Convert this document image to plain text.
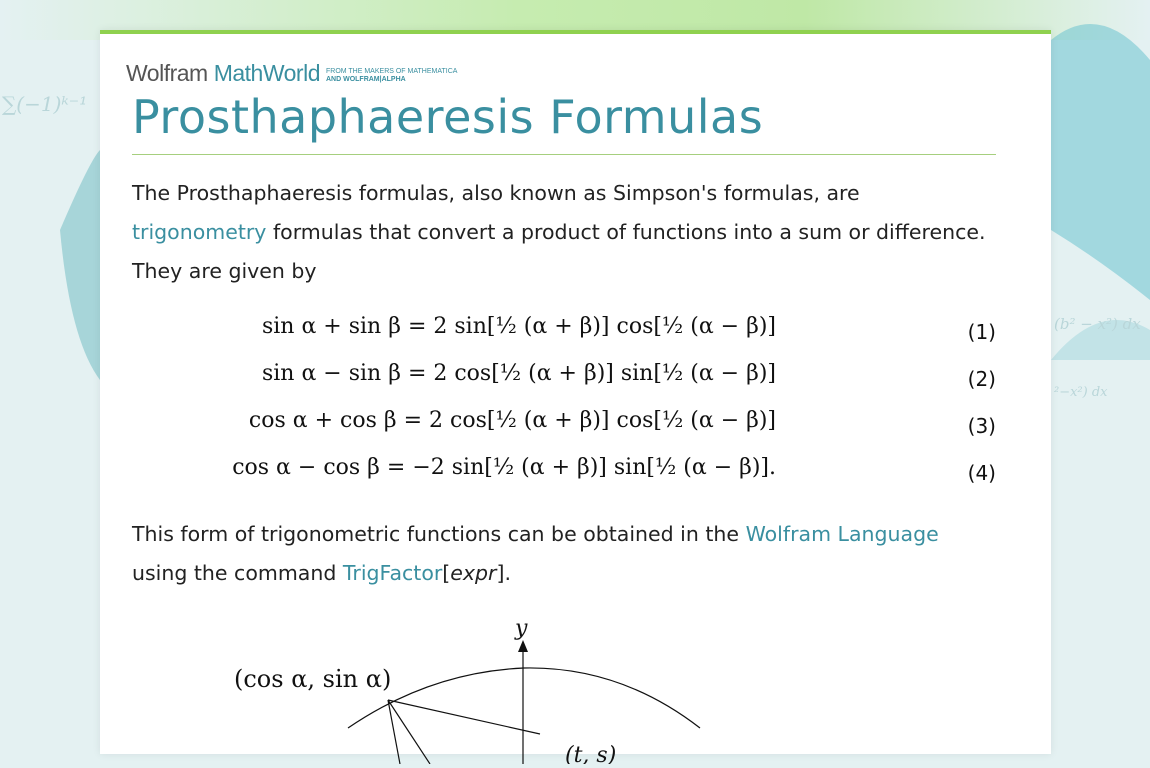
∑(−1)ᵏ⁻¹
(b² − x²) dx
²−x²) dx
Wolfram MathWorld FROM THE MAKERS OF MATHEMATICA
AND WOLFRAM|ALPHA
Prosthaphaeresis Formulas

The Prosthaphaeresis formulas, also known as Simpson's formulas, are trigonometry formulas that convert a product of functions into a sum or difference. They are given by

sin α + sin β = 2 sin[½ (α + β)] cos[½ (α − β)]	(1)
sin α − sin β = 2 cos[½ (α + β)] sin[½ (α − β)]	(2)
cos α + cos β = 2 cos[½ (α + β)] cos[½ (α − β)]	(3)
cos α − cos β = −2 sin[½ (α + β)] sin[½ (α − β)].	(4)

This form of trigonometric functions can be obtained in the Wolfram Language using the command TrigFactor[expr].

y
(cos α, sin α)
(t, s)
